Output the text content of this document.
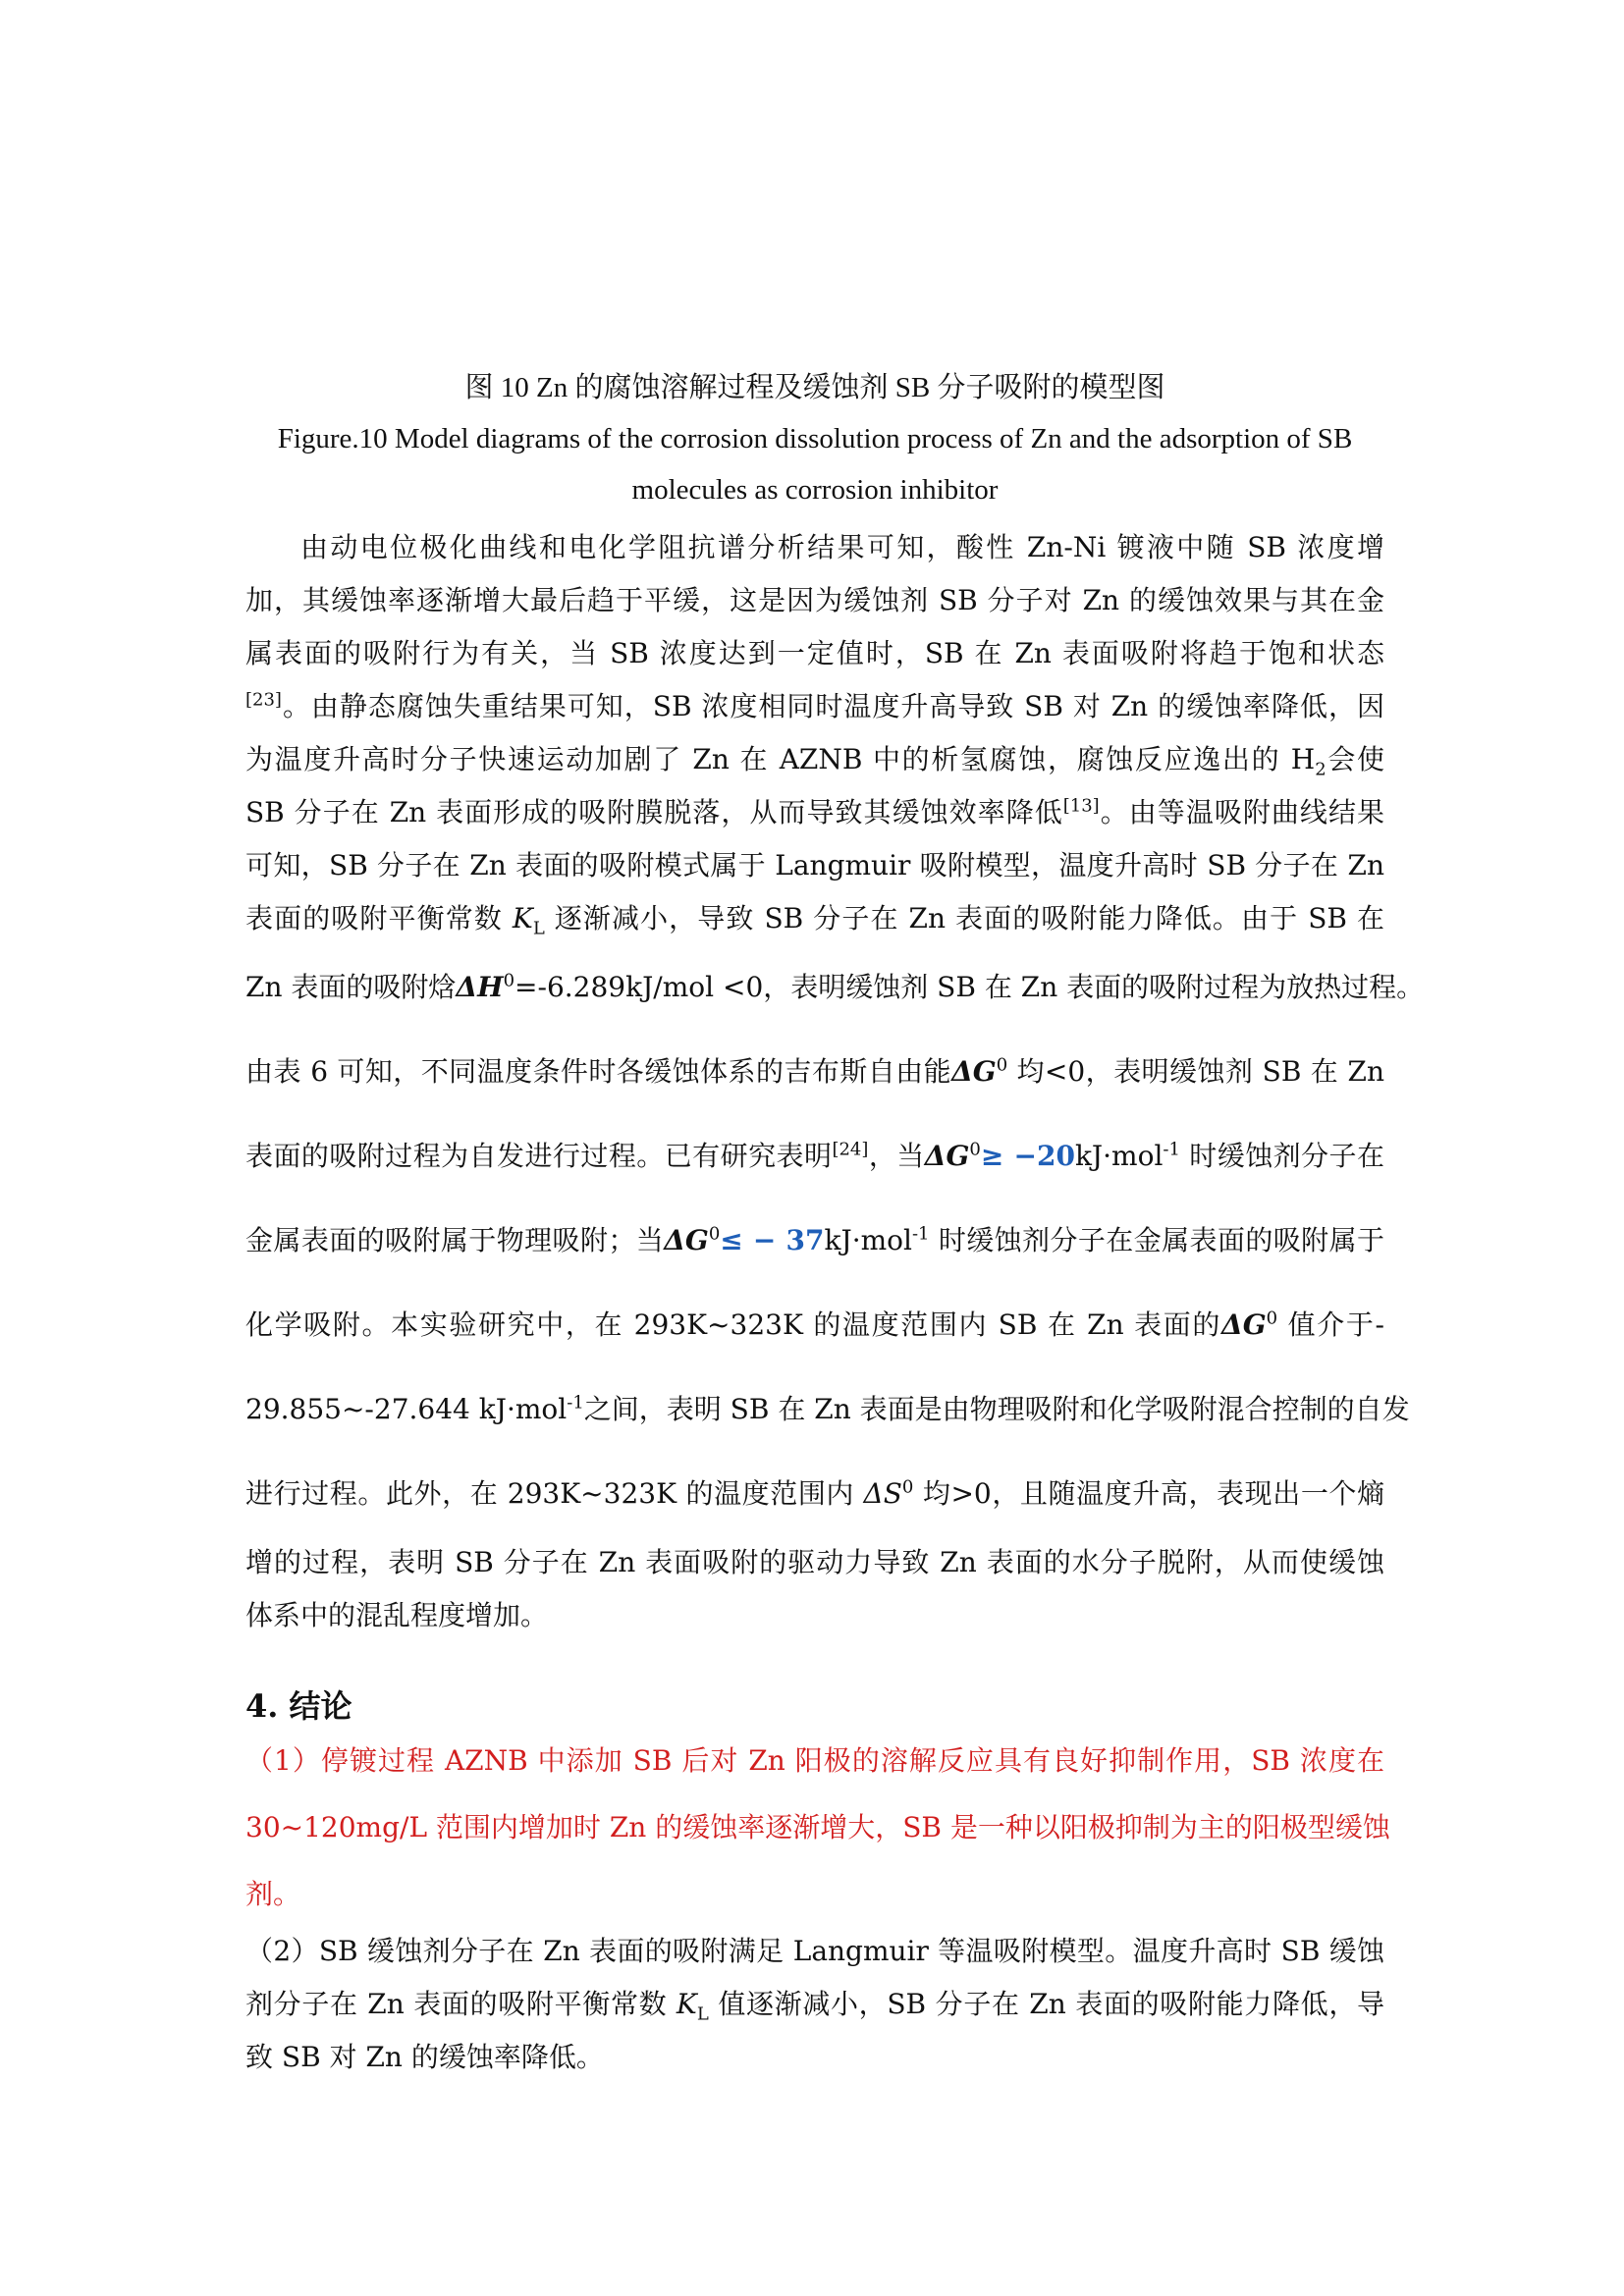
图 10 Zn 的腐蚀溶解过程及缓蚀剂 SB 分子吸附的模型图
Figure.10 Model diagrams of the corrosion dissolution process of Zn and the adsorption of SB
molecules as corrosion inhibitor
由动电位极化曲线和电化学阻抗谱分析结果可知，酸性 Zn-Ni 镀液中随 SB 浓度增
加，其缓蚀率逐渐增大最后趋于平缓，这是因为缓蚀剂 SB 分子对 Zn 的缓蚀效果与其在金
属表面的吸附行为有关，当 SB 浓度达到一定值时，SB 在 Zn 表面吸附将趋于饱和状态
[23]。由静态腐蚀失重结果可知，SB 浓度相同时温度升高导致 SB 对 Zn 的缓蚀率降低，因
为温度升高时分子快速运动加剧了 Zn 在 AZNB 中的析氢腐蚀，腐蚀反应逸出的 $H_2$会使
SB 分子在 Zn 表面形成的吸附膜脱落，从而导致其缓蚀效率降低[13]。由等温吸附曲线结果
可知，SB 分子在 Zn 表面的吸附模式属于 Langmuir 吸附模型，温度升高时 SB 分子在 Zn
表面的吸附平衡常数 $K_L$ 逐渐减小，导致 SB 分子在 Zn 表面的吸附能力降低。由于 SB 在
Zn 表面的吸附焓$\Delta H^0=-6.289kJ$/mol <0，表明缓蚀剂 SB 在 Zn 表面的吸附过程为放热过程。
由表 6 可知，不同温度条件时各缓蚀体系的吉布斯自由能$\Delta G^0$ 均<0，表明缓蚀剂 SB 在 Zn
表面的吸附过程为自发进行过程。已有研究表明[24]，当$\Delta G^0\ge -20kJ\cdot mol^{-1}$ 时缓蚀剂分子在
金属表面的吸附属于物理吸附；当$\Delta G^0\le - 37kJ\cdot mol^{-1}$ 时缓蚀剂分子在金属表面的吸附属于
化学吸附。本实验研究中，在 293K~323K 的温度范围内 SB 在 Zn 表面的$\Delta G^0$ 值介于-
29.855~-27.644 kJ·mol$^{-1}$之间，表明 SB 在 Zn 表面是由物理吸附和化学吸附混合控制的自发
进行过程。此外，在 293K~323K 的温度范围内 $\Delta S^0$ 均>0，且随温度升高，表现出一个熵
增的过程，表明 SB 分子在 Zn 表面吸附的驱动力导致 Zn 表面的水分子脱附，从而使缓蚀
体系中的混乱程度增加。
4. 结论
（1）停镀过程 AZNB 中添加 SB 后对 Zn 阳极的溶解反应具有良好抑制作用，SB 浓度在
30~120mg/L 范围内增加时 Zn 的缓蚀率逐渐增大，SB 是一种以阳极抑制为主的阳极型缓蚀
剂。
（2）SB 缓蚀剂分子在 Zn 表面的吸附满足 Langmuir 等温吸附模型。温度升高时 SB 缓蚀
剂分子在 Zn 表面的吸附平衡常数 $K_L$ 值逐渐减小，SB 分子在 Zn 表面的吸附能力降低，导
致 SB 对 Zn 的缓蚀率降低。
